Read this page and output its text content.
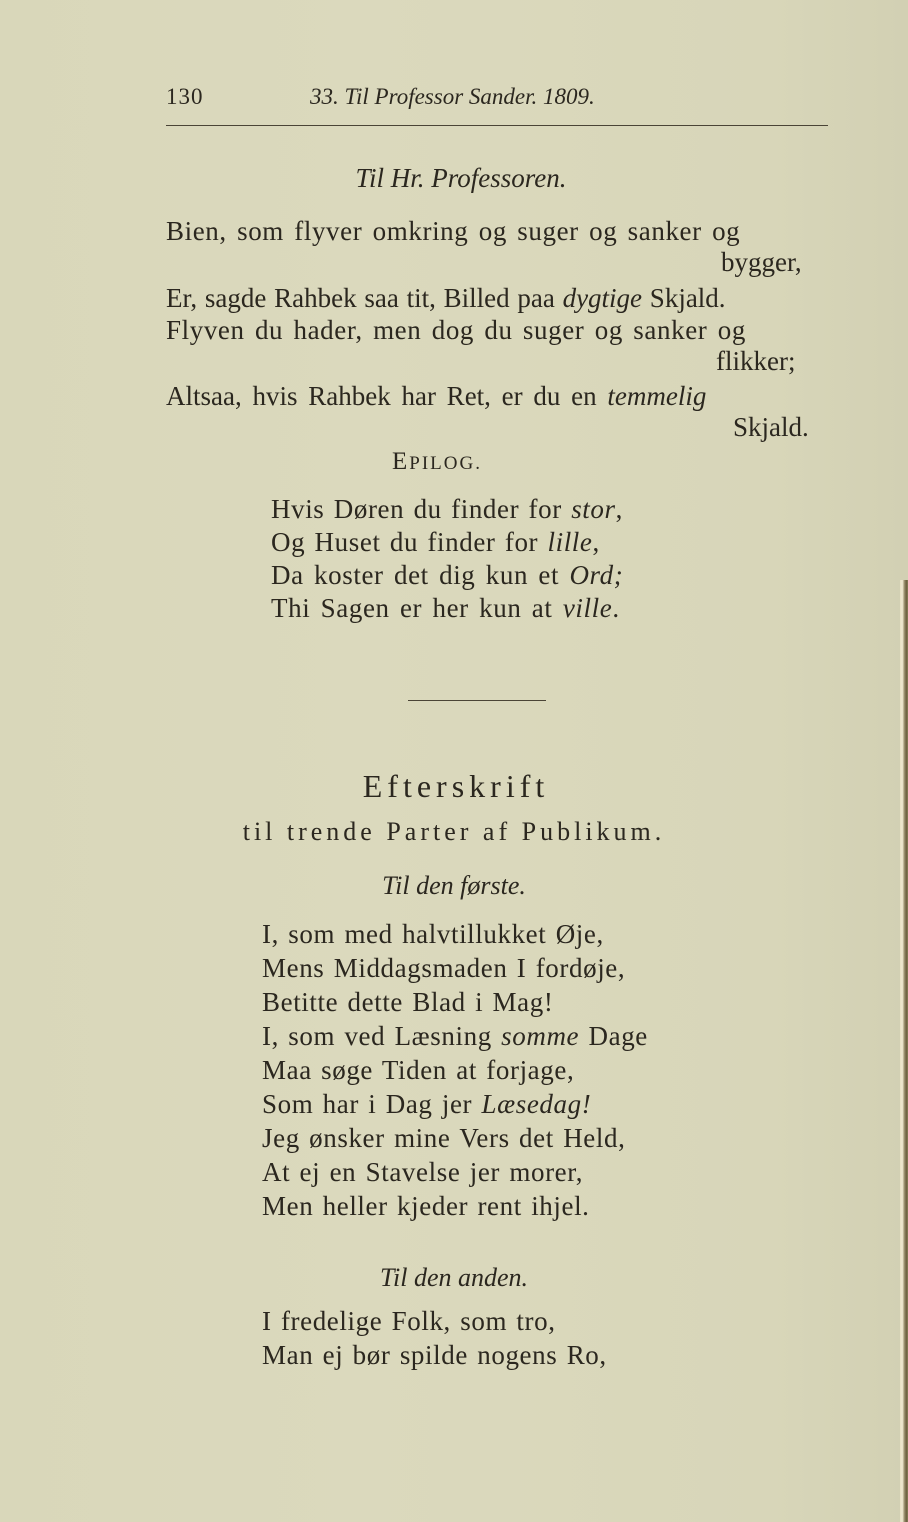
130	33. Til Professor Sander. 1809.
Til Hr. Professoren.
Bien, som flyver omkring og suger og sanker og
bygger,
Er, sagde Rahbek saa tit, Billed paa dygtige Skjald.
Flyven du hader, men dog du suger og sanker og
flikker;
Altsaa, hvis Rahbek har Ret, er du en temmelig
Skjald.
EPILOG.
Hvis Døren du finder for stor,
Og Huset du finder for lille,
Da koster det dig kun et Ord;
Thi Sagen er her kun at ville.
Efterskrift
til trende Parter af Publikum.
Til den første.
I, som med halvtillukket Øje,
Mens Middagsmaden I fordøje,
Betitte dette Blad i Mag!
I, som ved Læsning somme Dage
Maa søge Tiden at forjage,
Som har i Dag jer Læsedag!
Jeg ønsker mine Vers det Held,
At ej en Stavelse jer morer,
Men heller kjeder rent ihjel.
Til den anden.
I fredelige Folk, som tro,
Man ej bør spilde nogens Ro,
